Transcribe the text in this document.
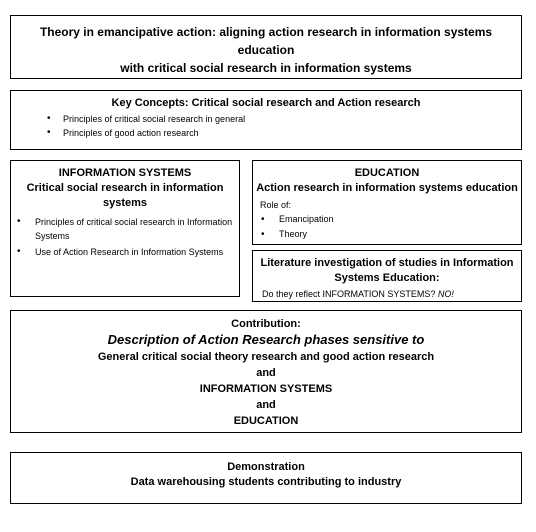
Theory in emancipative action: aligning action research in information systems education
with critical social research in information systems
Key Concepts: Critical social research and Action research
• Principles of critical social research in general
• Principles of good action research
INFORMATION SYSTEMS
Critical social research in information systems
• Principles of critical social research in Information Systems
• Use of Action Research in Information Systems
EDUCATION
Action research in information systems education
Role of:
• Emancipation
• Theory
Literature investigation of studies in Information Systems Education:
Do they reflect INFORMATION SYSTEMS? NO!
Contribution:
Description of Action Research phases sensitive to
General critical social theory research and good action research
and
INFORMATION SYSTEMS
and
EDUCATION
Demonstration
Data warehousing students contributing to industry
